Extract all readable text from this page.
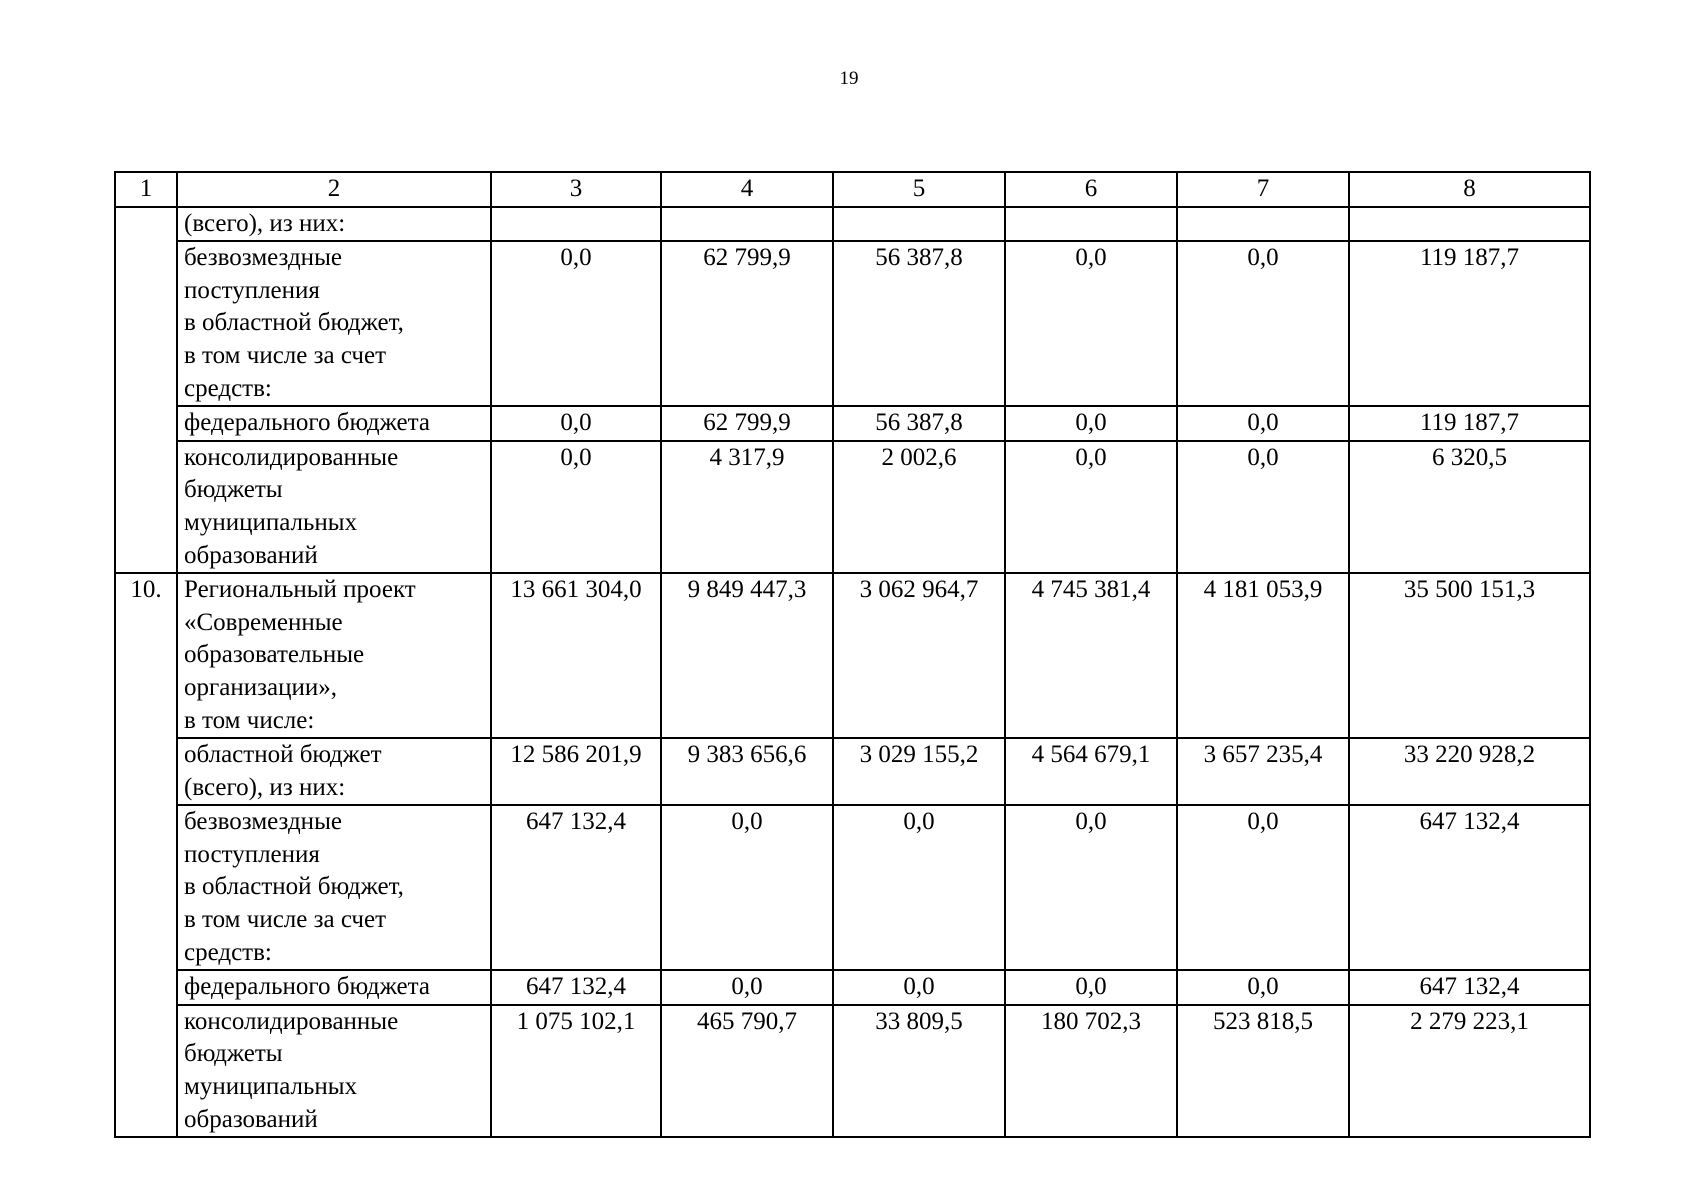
19
1	2	3	4	5	6	7	8
	(всего), из них:						
	безвозмездные
поступления
в областной бюджет,
в том числе за счет
средств:	0,0	62 799,9	56 387,8	0,0	0,0	119 187,7
	федерального бюджета	0,0	62 799,9	56 387,8	0,0	0,0	119 187,7
	консолидированные
бюджеты
муниципальных
образований	0,0	4 317,9	2 002,6	0,0	0,0	6 320,5
10.	Региональный проект
«Современные
образовательные
организации»,
в том числе:	13 661 304,0	9 849 447,3	3 062 964,7	4 745 381,4	4 181 053,9	35 500 151,3
	областной бюджет
(всего), из них:	12 586 201,9	9 383 656,6	3 029 155,2	4 564 679,1	3 657 235,4	33 220 928,2
	безвозмездные
поступления
в областной бюджет,
в том числе за счет
средств:	647 132,4	0,0	0,0	0,0	0,0	647 132,4
	федерального бюджета	647 132,4	0,0	0,0	0,0	0,0	647 132,4
	консолидированные
бюджеты
муниципальных
образований	1 075 102,1	465 790,7	33 809,5	180 702,3	523 818,5	2 279 223,1
